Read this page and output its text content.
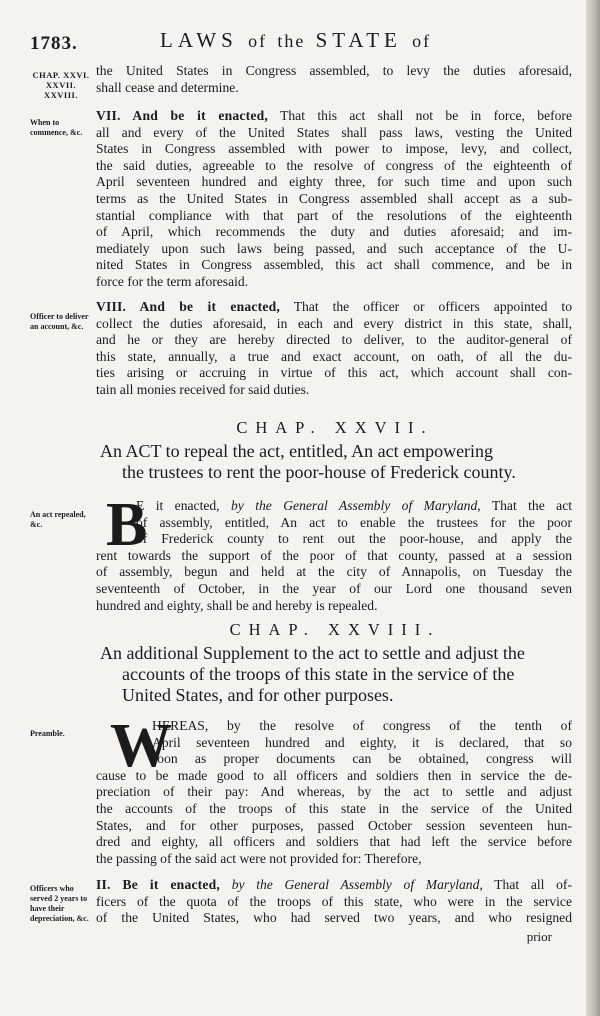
1783.	LAWS of the STATE of
CHAP. XXVI. XXVII. XXVIII.
When to commence, &c.
Officer to deliver an account, &c.
An act repealed, &c.
Preamble.
Officers who served 2 years to have their depreciation, &c.
the United States in Congress assembled, to levy the duties aforesaid,
shall cease and determine.
VII. And be it enacted, That this act shall not be in force, before
all and every of the United States shall pass laws, vesting the United
States in Congress assembled with power to impose, levy, and collect,
the said duties, agreeable to the resolve of congress of the eighteenth of
April seventeen hundred and eighty three, for such time and upon such
terms as the United States in Congress assembled shall accept as a sub-
stantial compliance with that part of the resolutions of the eighteenth
of April, which recommends the duty and duties aforesaid; and im-
mediately upon such laws being passed, and such acceptance of the U-
nited States in Congress assembled, this act shall commence, and be in
force for the term aforesaid.
VIII. And be it enacted, That the officer or officers appointed to
collect the duties aforesaid, in each and every district in this state, shall,
and he or they are hereby directed to deliver, to the auditor-general of
this state, annually, a true and exact account, on oath, of all the du-
ties arising or accruing in virtue of this act, which account shall con-
tain all monies received for said duties.
CHAP. XXVII.
An ACT to repeal the act, entitled, An act empowering
the trustees to rent the poor-house of Frederick county.
B
E it enacted, by the General Assembly of Maryland, That the act
of assembly, entitled, An act to enable the trustees for the poor
of Frederick county to rent out the poor-house, and apply the
rent towards the support of the poor of that county, passed at a session
of assembly, begun and held at the city of Annapolis, on Tuesday the
seventeenth of October, in the year of our Lord one thousand seven
hundred and eighty, shall be and hereby is repealed.
CHAP. XXVIII.
An additional Supplement to the act to settle and adjust the
accounts of the troops of this state in the service of the
United States, and for other purposes.
W
HEREAS, by the resolve of congress of the tenth of
April seventeen hundred and eighty, it is declared, that so
soon as proper documents can be obtained, congress will
cause to be made good to all officers and soldiers then in service the de-
preciation of their pay: And whereas, by the act to settle and adjust
the accounts of the troops of this state in the service of the United
States, and for other purposes, passed October session seventeen hun-
dred and eighty, all officers and soldiers that had left the service before
the passing of the said act were not provided for: Therefore,
II. Be it enacted, by the General Assembly of Maryland, That all of-
ficers of the quota of the troops of this state, who were in the service
of the United States, who had served two years, and who resigned
prior
